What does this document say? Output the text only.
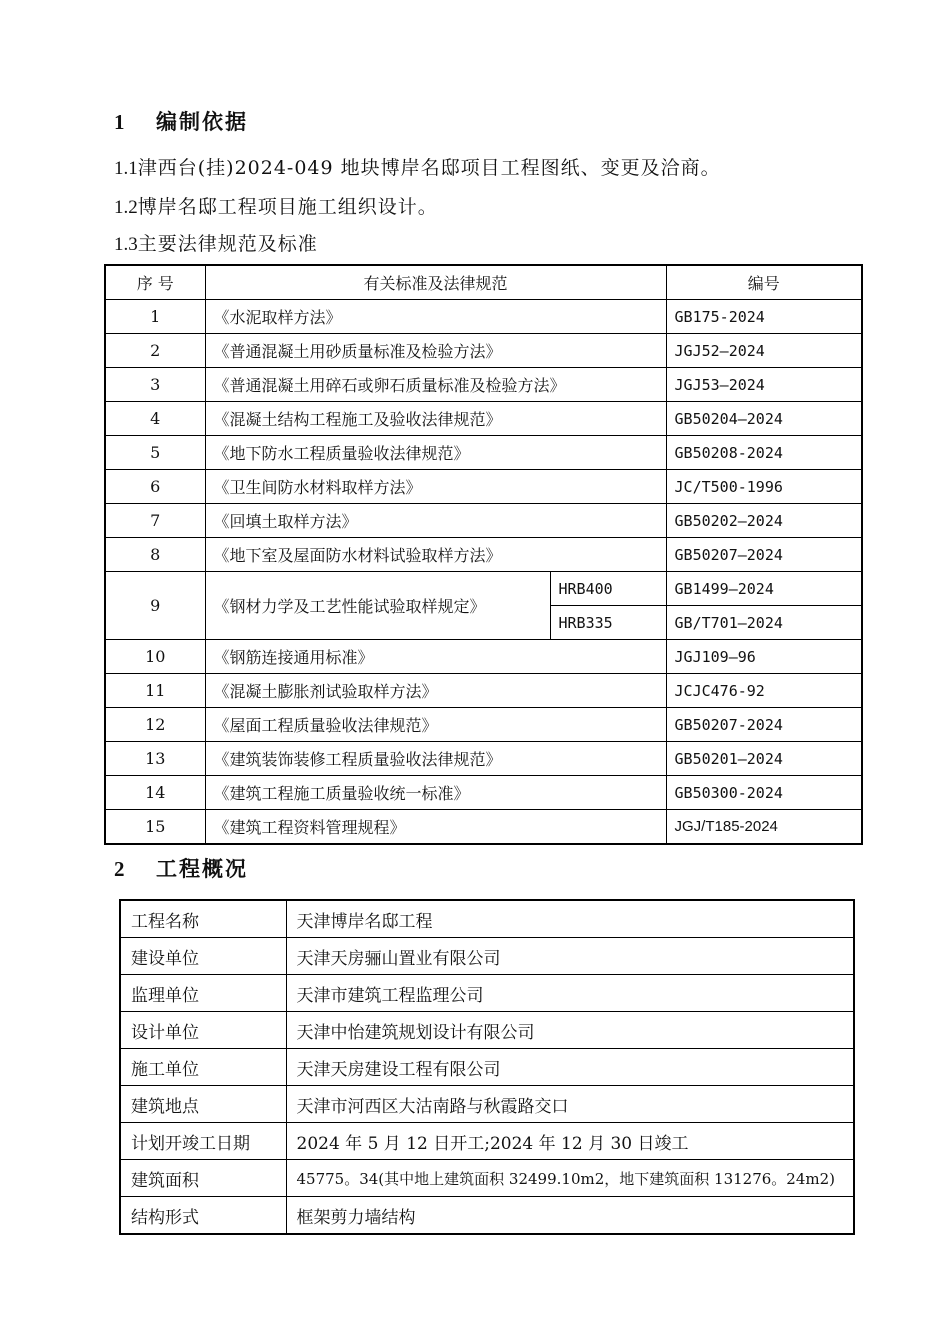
1 编制依据
1.1津西台(挂)2024-049 地块博岸名邸项目工程图纸、变更及洽商。
1.2博岸名邸工程项目施工组织设计。
1.3主要法律规范及标准
序 号	有关标准及法律规范		编号
1	《水泥取样方法》		GB175-2024
2	《普通混凝土用砂质量标准及检验方法》		JGJ52—2024
3	《普通混凝土用碎石或卵石质量标准及检验方法》		JGJ53—2024
4	《混凝土结构工程施工及验收法律规范》		GB50204—2024
5	《地下防水工程质量验收法律规范》		GB50208-2024
6	《卫生间防水材料取样方法》		JC/T500-1996
7	《回填土取样方法》		GB50202—2024
8	《地下室及屋面防水材料试验取样方法》		GB50207—2024
9	《钢材力学及工艺性能试验取样规定》	HRB400	GB1499—2024
		HRB335	GB/T701—2024
10	《钢筋连接通用标准》		JGJ109—96
11	《混凝土膨胀剂试验取样方法》		JCJC476-92
12	《屋面工程质量验收法律规范》		GB50207-2024
13	《建筑装饰装修工程质量验收法律规范》		GB50201—2024
14	《建筑工程施工质量验收统一标准》		GB50300-2024
15	《建筑工程资料管理规程》		JGJ/T185-2024
2 工程概况
工程名称	天津博岸名邸工程
建设单位	天津天房骊山置业有限公司
监理单位	天津市建筑工程监理公司
设计单位	天津中怡建筑规划设计有限公司
施工单位	天津天房建设工程有限公司
建筑地点	天津市河西区大沽南路与秋霞路交口
计划开竣工日期	2024 年 5 月 12 日开工;2024 年 12 月 30 日竣工
建筑面积	45775。34(其中地上建筑面积 32499.10m2，地下建筑面积 131276。24m2)
结构形式	框架剪力墙结构
